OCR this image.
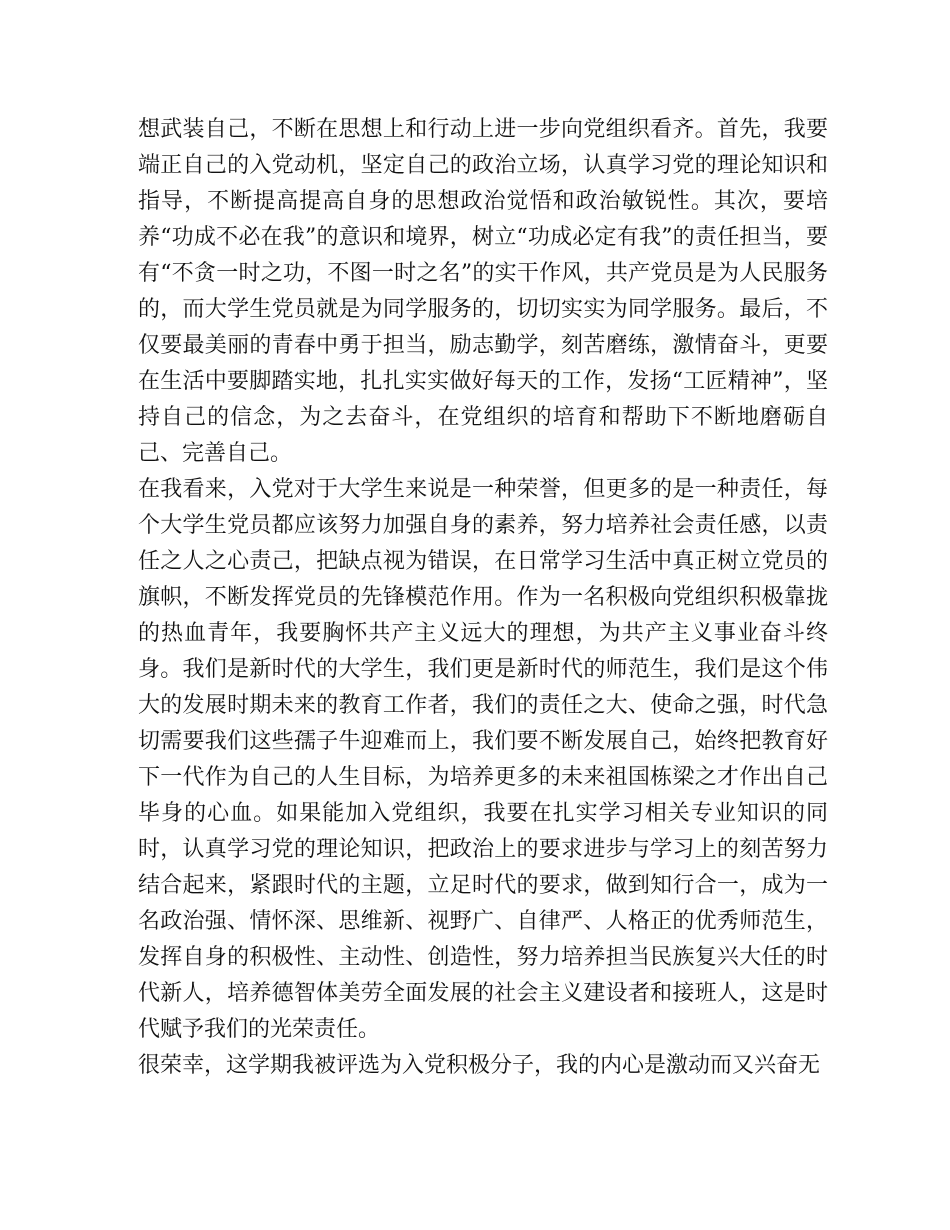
想武装自己，不断在思想上和行动上进一步向党组织看齐。首先，我要端正自己的入党动机，坚定自己的政治立场，认真学习党的理论知识和指导，不断提高提高自身的思想政治觉悟和政治敏锐性。其次，要培养“功成不必在我”的意识和境界，树立“功成必定有我”的责任担当，要有“不贪一时之功，不图一时之名”的实干作风，共产党员是为人民服务的，而大学生党员就是为同学服务的，切切实实为同学服务。最后，不仅要最美丽的青春中勇于担当，励志勤学，刻苦磨练，激情奋斗，更要在生活中要脚踏实地，扎扎实实做好每天的工作，发扬“工匠精神”，坚持自己的信念，为之去奋斗，在党组织的培育和帮助下不断地磨砺自己、完善自己。

在我看来，入党对于大学生来说是一种荣誉，但更多的是一种责任，每个大学生党员都应该努力加强自身的素养，努力培养社会责任感，以责任之人之心责己，把缺点视为错误，在日常学习生活中真正树立党员的旗帜，不断发挥党员的先锋模范作用。作为一名积极向党组织积极靠拢的热血青年，我要胸怀共产主义远大的理想，为共产主义事业奋斗终身。我们是新时代的大学生，我们更是新时代的师范生，我们是这个伟大的发展时期未来的教育工作者，我们的责任之大、使命之强，时代急切需要我们这些孺子牛迎难而上，我们要不断发展自己，始终把教育好下一代作为自己的人生目标，为培养更多的未来祖国栋梁之才作出自己毕身的心血。如果能加入党组织，我要在扎实学习相关专业知识的同时，认真学习党的理论知识，把政治上的要求进步与学习上的刻苦努力结合起来，紧跟时代的主题，立足时代的要求，做到知行合一，成为一名政治强、情怀深、思维新、视野广、自律严、人格正的优秀师范生，发挥自身的积极性、主动性、创造性，努力培养担当民族复兴大任的时代新人，培养德智体美劳全面发展的社会主义建设者和接班人，这是时代赋予我们的光荣责任。

很荣幸，这学期我被评选为入党积极分子，我的内心是激动而又兴奋无
